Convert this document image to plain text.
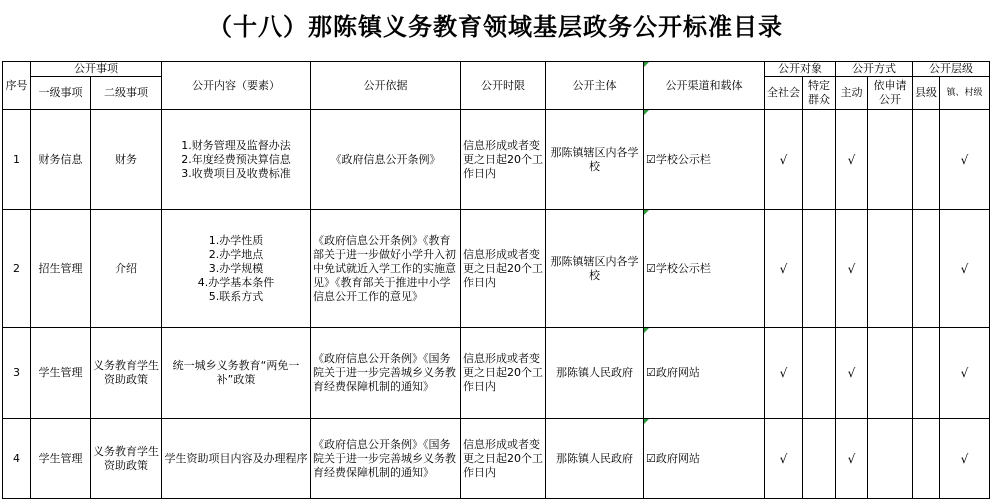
（十八）那陈镇义务教育领域基层政务公开标准目录
序号	公开事项		公开内容（要素）	公开依据	公开时限	公开主体	公开渠道和载体	公开对象		公开方式		公开层级	
	一级事项	二级事项						全社会	特定群众	主动	依申请公开	县级	镇、村级
1	财务信息	财务	1.财务管理及监督办法
2.年度经费预决算信息
3.收费项目及收费标准	《政府信息公开条例》	信息形成或者变更之日起20个工作日内	那陈镇辖区内各学校	☑学校公示栏	√		√			√
2	招生管理	介绍	1.办学性质
2.办学地点
3.办学规模
4.办学基本条件
5.联系方式	《政府信息公开条例》《教育部关于进一步做好小学升入初中免试就近入学工作的实施意见》《教育部关于推进中小学信息公开工作的意见》	信息形成或者变更之日起20个工作日内	那陈镇辖区内各学校	☑学校公示栏	√		√			√
3	学生管理	义务教育学生资助政策	统一城乡义务教育“两免一补”政策	《政府信息公开条例》《国务院关于进一步完善城乡义务教育经费保障机制的通知》	信息形成或者变更之日起20个工作日内	那陈镇人民政府	☑政府网站	√		√			√
4	学生管理	义务教育学生资助政策	学生资助项目内容及办理程序	《政府信息公开条例》《国务院关于进一步完善城乡义务教育经费保障机制的通知》	信息形成或者变更之日起20个工作日内	那陈镇人民政府	☑政府网站	√		√			√
